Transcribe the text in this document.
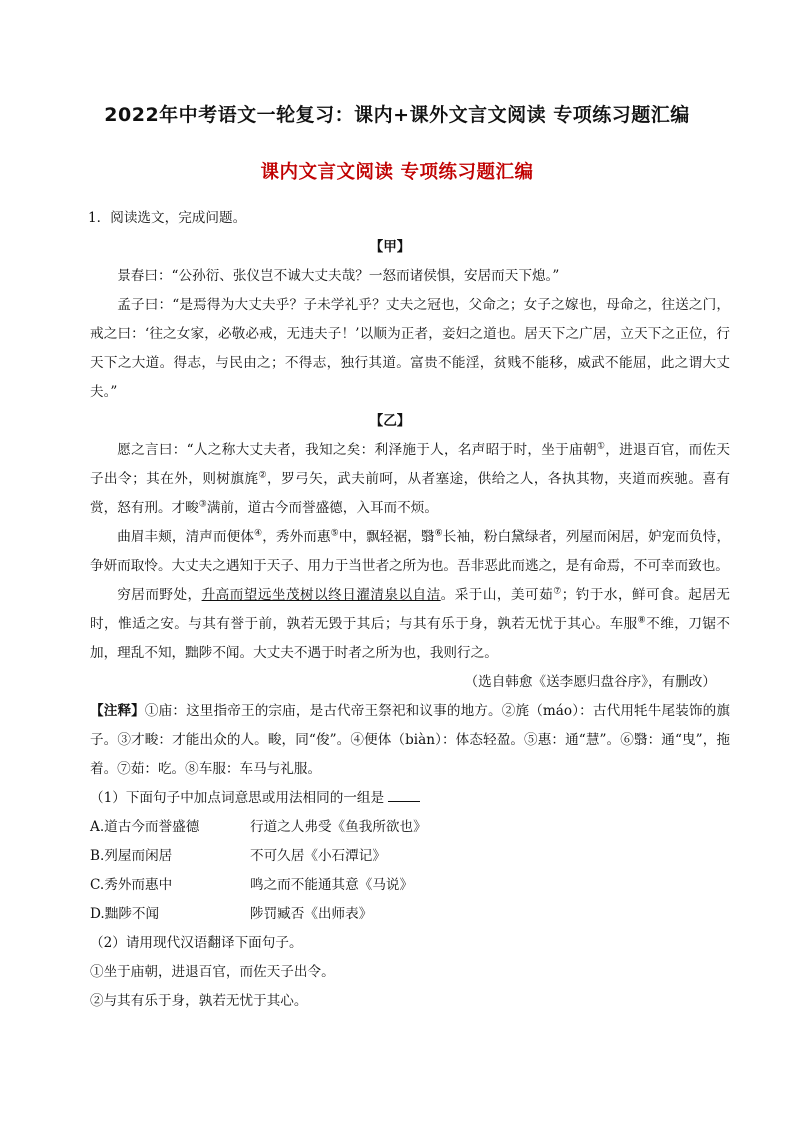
2022年中考语文一轮复习：课内+课外文言文阅读 专项练习题汇编
课内文言文阅读 专项练习题汇编
1．阅读选文，完成问题。
【甲】
景春曰：“公孙衍、张仪岂不诚大丈夫哉？一怒而诸侯惧，安居而天下熄。”
孟子曰：“是焉得为大丈夫乎？子未学礼乎？丈夫之冠也，父命之；女子之嫁也，母命之，往送之门，戒之曰：‘往之女家，必敬必戒，无违夫子！’以顺为正者，妾妇之道也。居天下之广居，立天下之正位，行天下之大道。得志，与民由之；不得志，独行其道。富贵不能淫，贫贱不能移，威武不能屈，此之谓大丈夫。”
【乙】
愿之言曰：“人之称大丈夫者，我知之矣：利泽施于人，名声昭于时，坐于庙朝①，进退百官，而佐天子出令；其在外，则树旗旄②，罗弓矢，武夫前呵，从者塞途，供给之人，各执其物，夹道而疾驰。喜有赏，怒有刑。才畯③满前，道古今而誉盛德，入耳而不烦。
曲眉丰颊，清声而便体④，秀外而惠⑤中，飘轻裾，翳⑥长袖，粉白黛绿者，列屋而闲居，妒宠而负恃，争妍而取怜。大丈夫之遇知于天子、用力于当世者之所为也。吾非恶此而逃之，是有命焉，不可幸而致也。
穷居而野处，升高而望远坐茂树以终日濯清泉以自洁。采于山，美可茹⑦；钓于水，鲜可食。起居无时，惟适之安。与其有誉于前，孰若无毁于其后；与其有乐于身，孰若无忧于其心。车服⑧不维，刀锯不加，理乱不知，黜陟不闻。大丈夫不遇于时者之所为也，我则行之。
（选自韩愈《送李愿归盘谷序》，有删改）
【注释】①庙：这里指帝王的宗庙，是古代帝王祭祀和议事的地方。②旄（máo）：古代用牦牛尾装饰的旗子。③才畯：才能出众的人。畯，同“俊”。④便体（biàn）：体态轻盈。⑤惠：通“慧”。⑥翳：通“曳”，拖着。⑦茹：吃。⑧车服：车马与礼服。
（1）下面句子中加点词意思或用法相同的一组是
A.道古今而誉盛德	行道之人弗受《鱼我所欲也》
B.列屋而闲居	不可久居《小石潭记》
C.秀外而惠中	鸣之而不能通其意《马说》
D.黜陟不闻	陟罚臧否《出师表》
（2）请用现代汉语翻译下面句子。
①坐于庙朝，进退百官，而佐天子出令。
②与其有乐于身，孰若无忧于其心。
